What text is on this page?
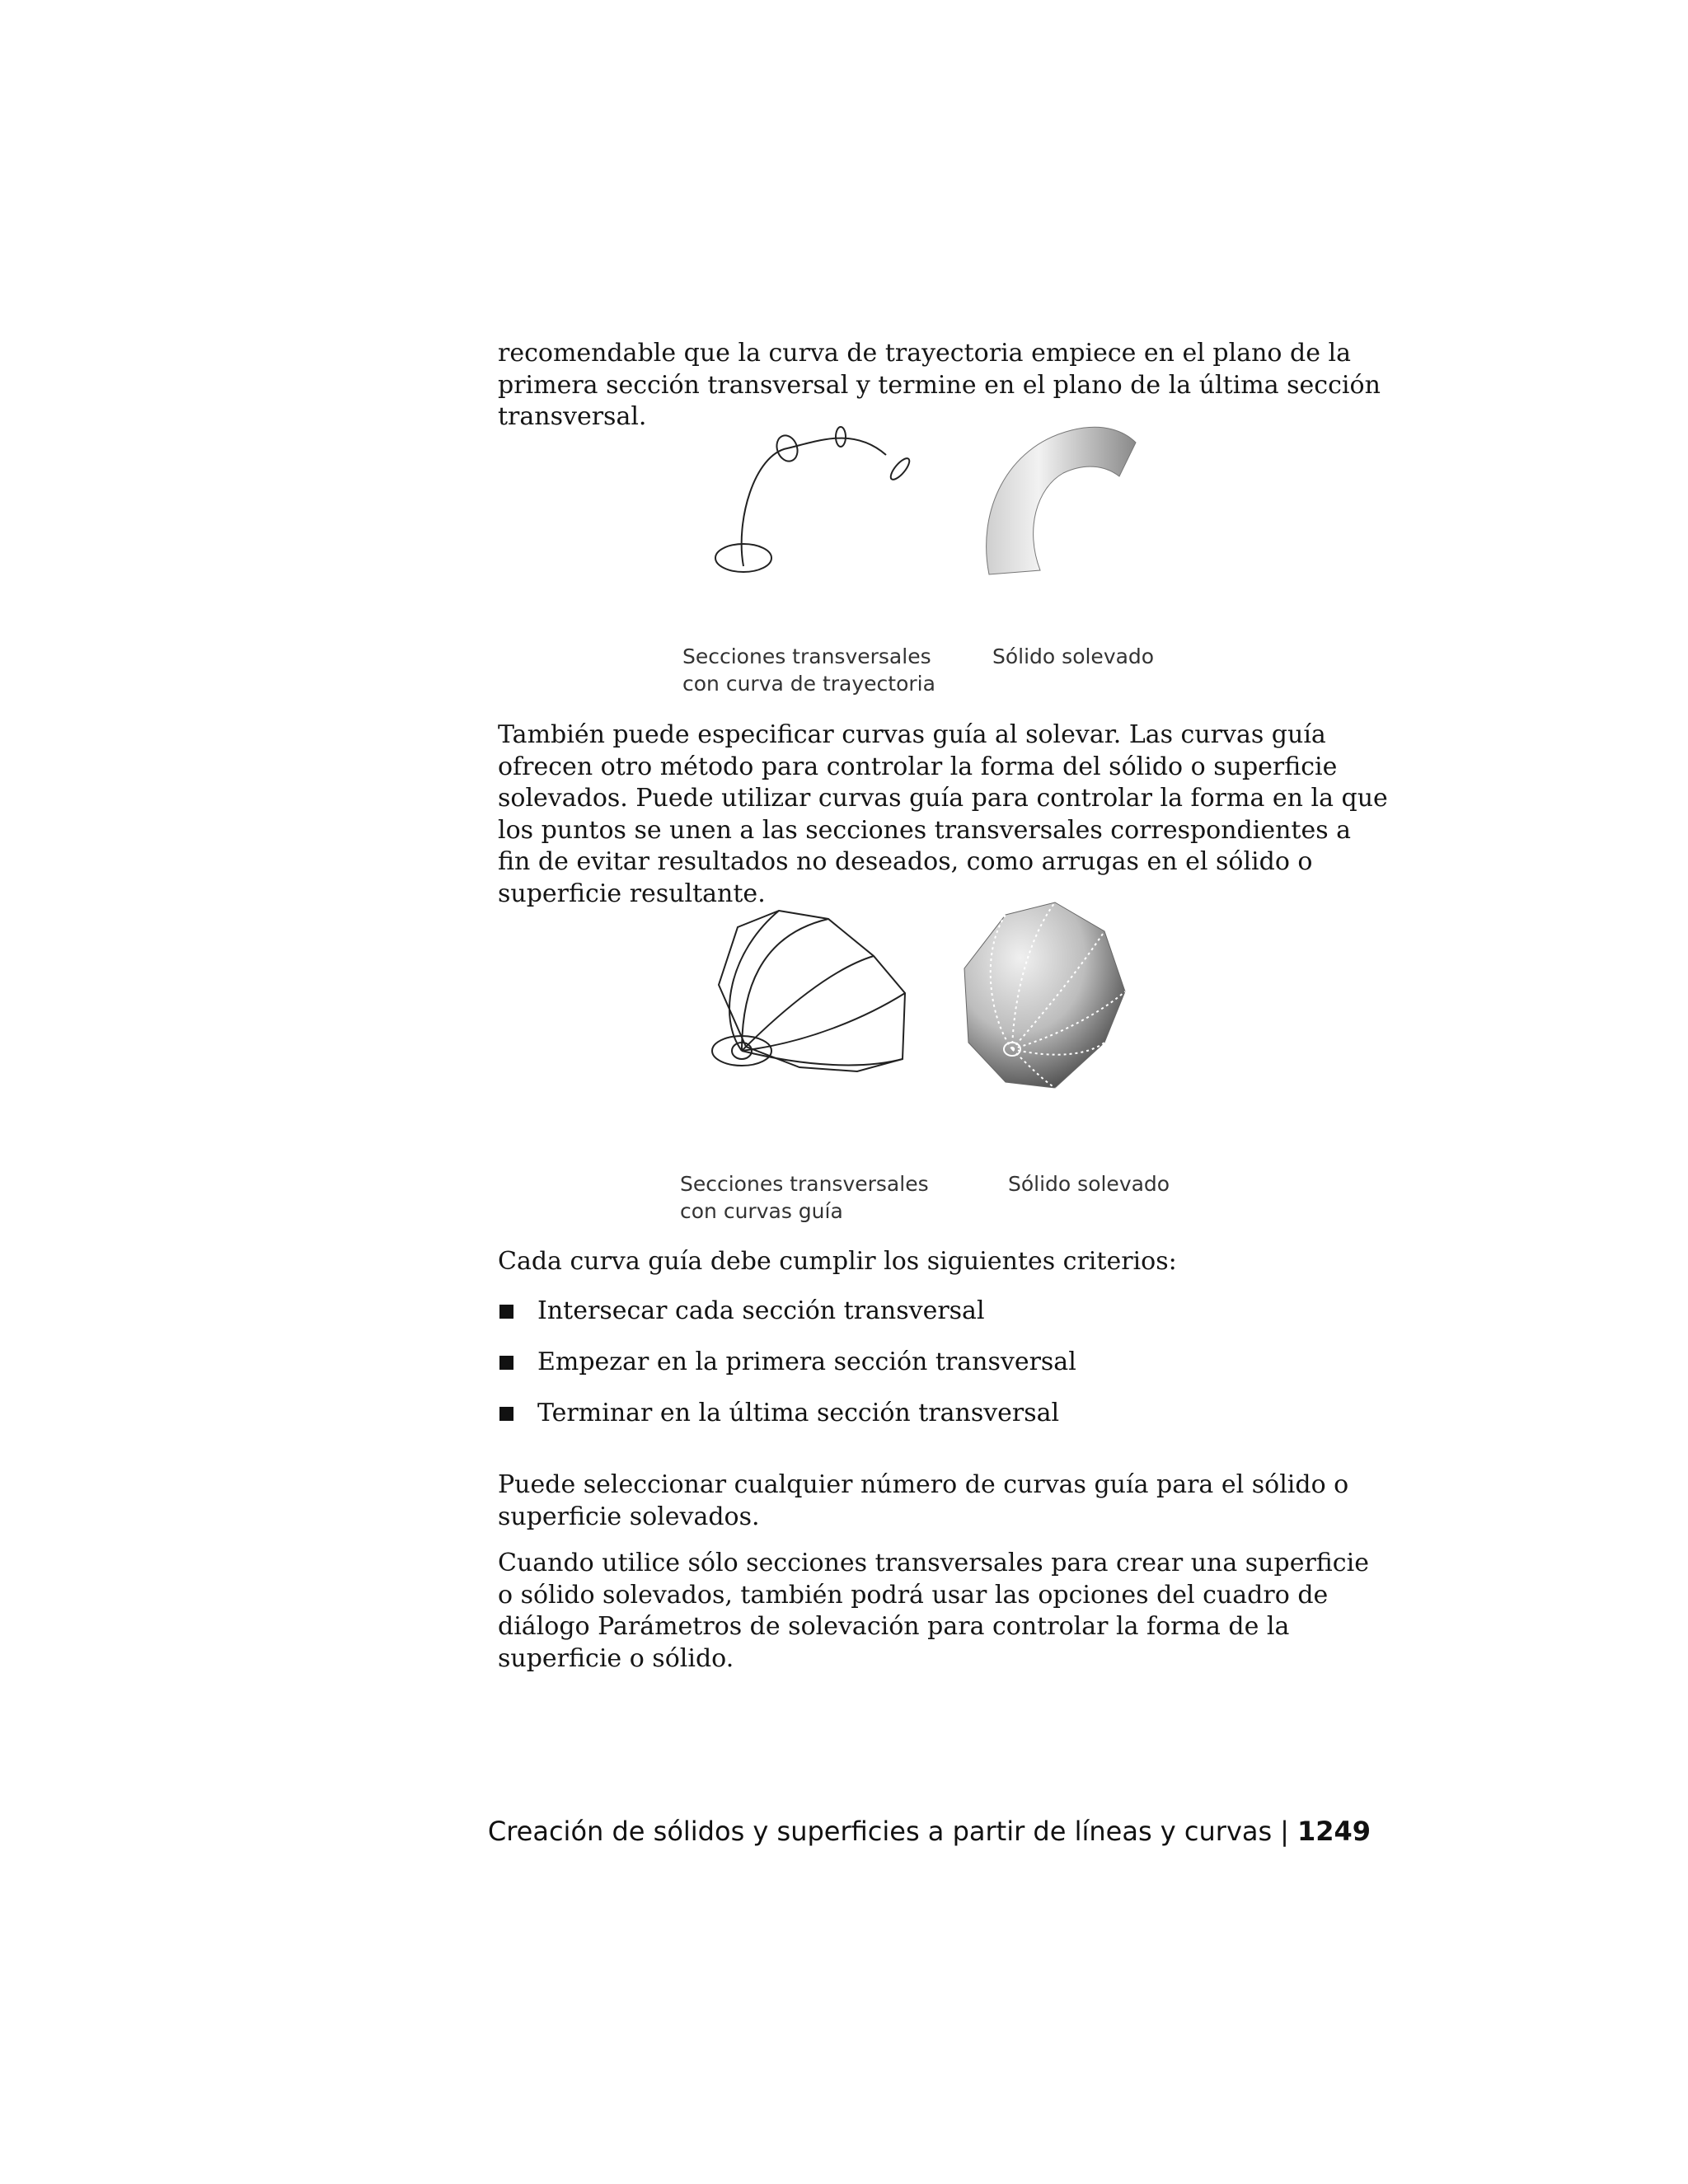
recomendable que la curva de trayectoria empiece en el plano de la primera sección transversal y termine en el plano de la última sección transversal.

Secciones transversales
con curva de trayectoria
Sólido solevado

También puede especificar curvas guía al solevar. Las curvas guía ofrecen otro método para controlar la forma del sólido o superficie solevados. Puede utilizar curvas guía para controlar la forma en la que los puntos se unen a las secciones transversales correspondientes a fin de evitar resultados no deseados, como arrugas en el sólido o superficie resultante.

Secciones transversales
con curvas guía
Sólido solevado

Cada curva guía debe cumplir los siguientes criterios:

Intersecar cada sección transversal
Empezar en la primera sección transversal
Terminar en la última sección transversal

Puede seleccionar cualquier número de curvas guía para el sólido o superficie solevados.

Cuando utilice sólo secciones transversales para crear una superficie o sólido solevados, también podrá usar las opciones del cuadro de diálogo Parámetros de solevación para controlar la forma de la superficie o sólido.

Creación de sólidos y superficies a partir de líneas y curvas | 1249
